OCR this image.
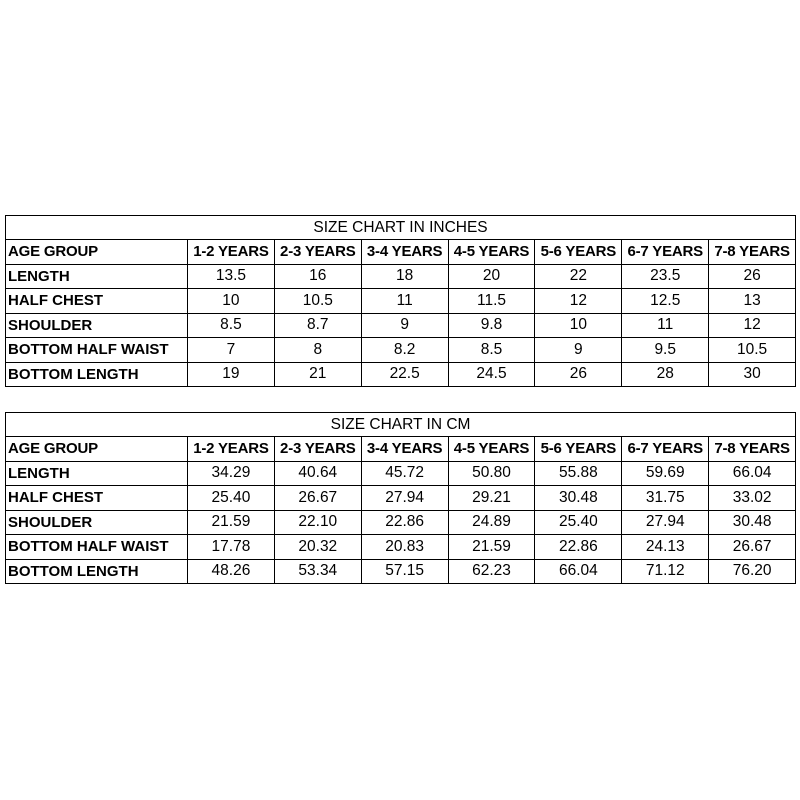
SIZE CHART IN INCHES							
AGE GROUP	1-2 YEARS	2-3 YEARS	3-4 YEARS	4-5 YEARS	5-6 YEARS	6-7 YEARS	7-8 YEARS
LENGTH	13.5	16	18	20	22	23.5	26
HALF CHEST	10	10.5	11	11.5	12	12.5	13
SHOULDER	8.5	8.7	9	9.8	10	11	12
BOTTOM HALF WAIST	7	8	8.2	8.5	9	9.5	10.5
BOTTOM LENGTH	19	21	22.5	24.5	26	28	30
SIZE CHART IN CM							
AGE GROUP	1-2 YEARS	2-3 YEARS	3-4 YEARS	4-5 YEARS	5-6 YEARS	6-7 YEARS	7-8 YEARS
LENGTH	34.29	40.64	45.72	50.80	55.88	59.69	66.04
HALF CHEST	25.40	26.67	27.94	29.21	30.48	31.75	33.02
SHOULDER	21.59	22.10	22.86	24.89	25.40	27.94	30.48
BOTTOM HALF WAIST	17.78	20.32	20.83	21.59	22.86	24.13	26.67
BOTTOM LENGTH	48.26	53.34	57.15	62.23	66.04	71.12	76.20
